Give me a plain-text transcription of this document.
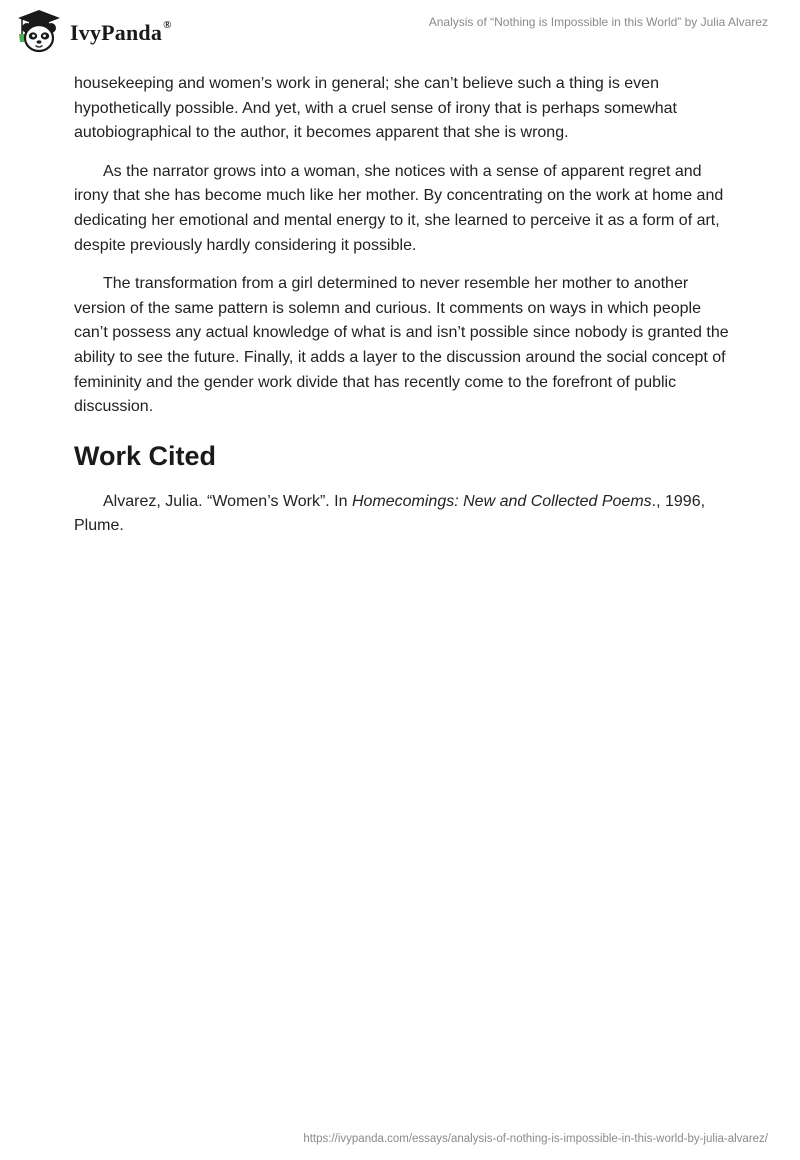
IvyPanda®	Analysis of “Nothing is Impossible in this World” by Julia Alvarez

housekeeping and women’s work in general; she can’t believe such a thing is even hypothetically possible. And yet, with a cruel sense of irony that is perhaps somewhat autobiographical to the author, it becomes apparent that she is wrong.

As the narrator grows into a woman, she notices with a sense of apparent regret and irony that she has become much like her mother. By concentrating on the work at home and dedicating her emotional and mental energy to it, she learned to perceive it as a form of art, despite previously hardly considering it possible.

The transformation from a girl determined to never resemble her mother to another version of the same pattern is solemn and curious. It comments on ways in which people can’t possess any actual knowledge of what is and isn’t possible since nobody is granted the ability to see the future. Finally, it adds a layer to the discussion around the social concept of femininity and the gender work divide that has recently come to the forefront of public discussion.

Work Cited

Alvarez, Julia. “Women’s Work”. In Homecomings: New and Collected Poems., 1996, Plume.

https://ivypanda.com/essays/analysis-of-nothing-is-impossible-in-this-world-by-julia-alvarez/
